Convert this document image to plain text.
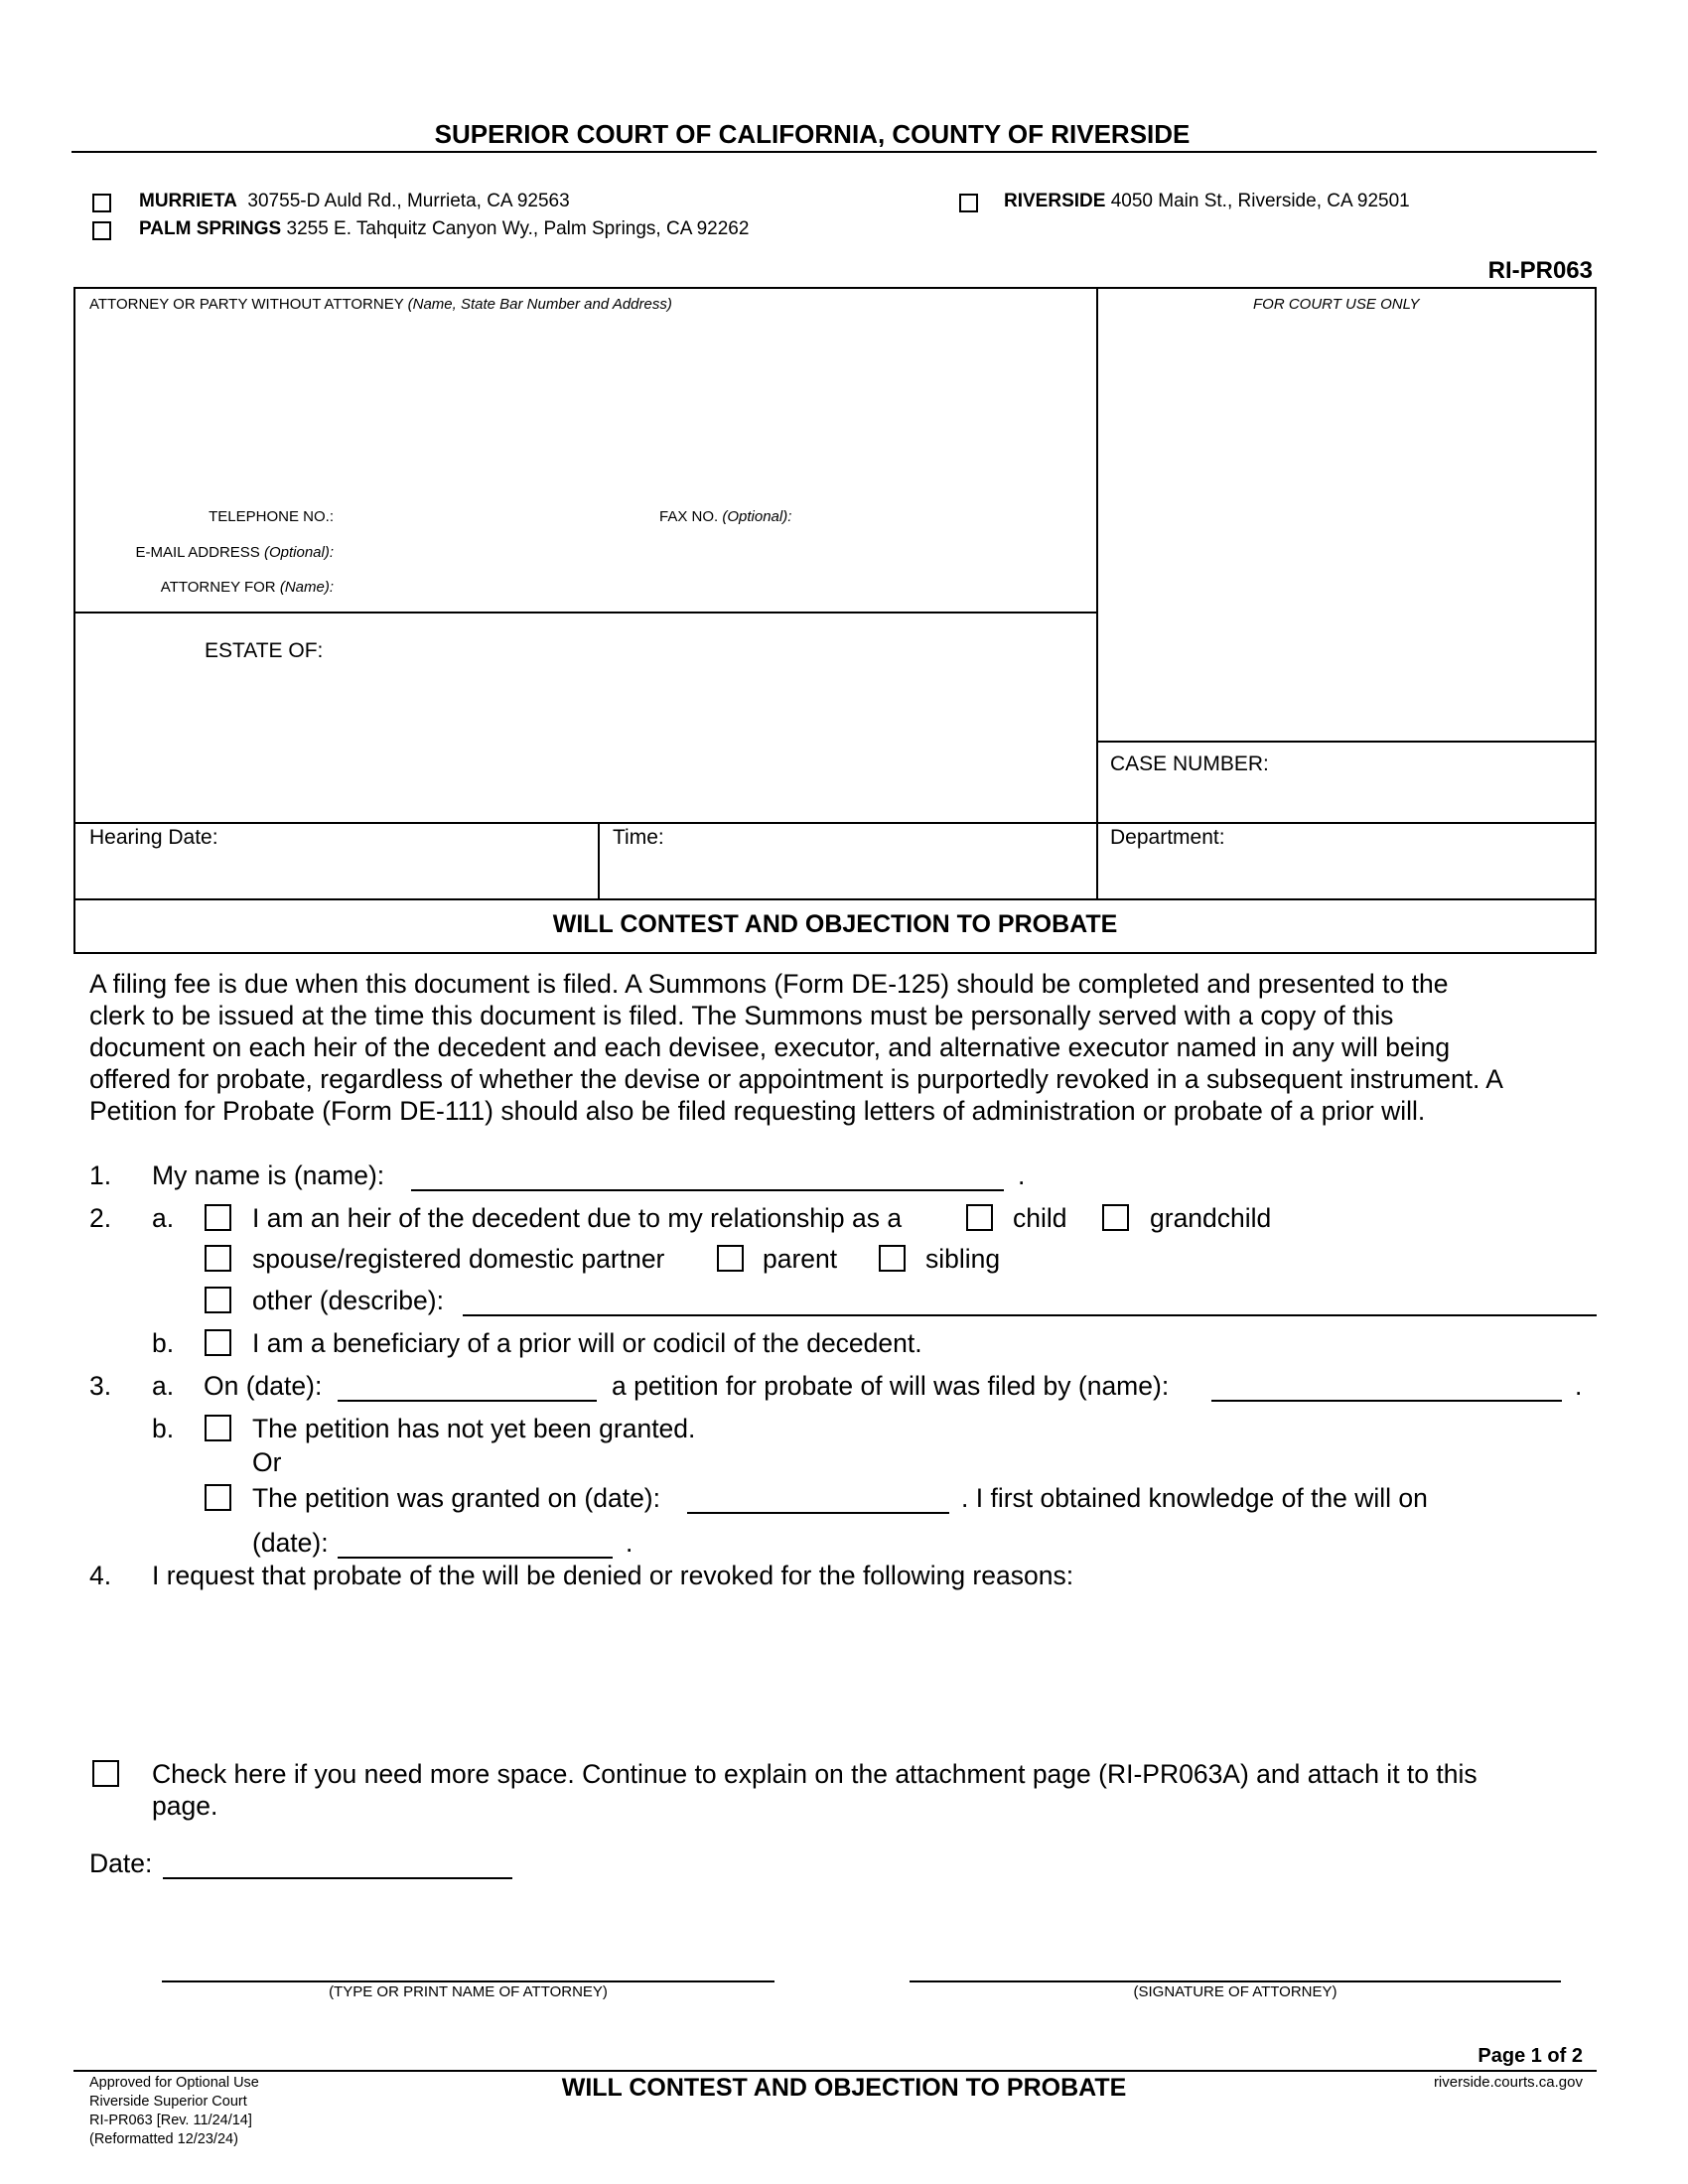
SUPERIOR COURT OF CALIFORNIA, COUNTY OF RIVERSIDE
MURRIETA 30755-D Auld Rd., Murrieta, CA 92563
PALM SPRINGS 3255 E. Tahquitz Canyon Wy., Palm Springs, CA 92262
RIVERSIDE 4050 Main St., Riverside, CA 92501
RI-PR063
ATTORNEY OR PARTY WITHOUT ATTORNEY (Name, State Bar Number and Address)	FOR COURT USE ONLY
TELEPHONE NO.:	FAX NO. (Optional):
E-MAIL ADDRESS (Optional):
ATTORNEY FOR (Name):
ESTATE OF:
CASE NUMBER:
Hearing Date:	Time:	Department:
WILL CONTEST AND OBJECTION TO PROBATE
A filing fee is due when this document is filed. A Summons (Form DE-125) should be completed and presented to the
clerk to be issued at the time this document is filed. The Summons must be personally served with a copy of this
document on each heir of the decedent and each devisee, executor, and alternative executor named in any will being
offered for probate, regardless of whether the devise or appointment is purportedly revoked in a subsequent instrument. A
Petition for Probate (Form DE-111) should also be filed requesting letters of administration or probate of a prior will.
1. My name is (name):	.
2. a.	I am an heir of the decedent due to my relationship as a	child	grandchild
spouse/registered domestic partner	parent	sibling
other (describe):
b.	I am a beneficiary of a prior will or codicil of the decedent.
3. a. On (date):	a petition for probate of will was filed by (name):	.
b.	The petition has not yet been granted.
Or
The petition was granted on (date):	. I first obtained knowledge of the will on
(date):	.
4. I request that probate of the will be denied or revoked for the following reasons:
Check here if you need more space. Continue to explain on the attachment page (RI-PR063A) and attach it to this
page.
Date:
(TYPE OR PRINT NAME OF ATTORNEY)	(SIGNATURE OF ATTORNEY)
Page 1 of 2
Approved for Optional Use
Riverside Superior Court
RI-PR063 [Rev. 11/24/14]
(Reformatted 12/23/24)
WILL CONTEST AND OBJECTION TO PROBATE	riverside.courts.ca.gov
